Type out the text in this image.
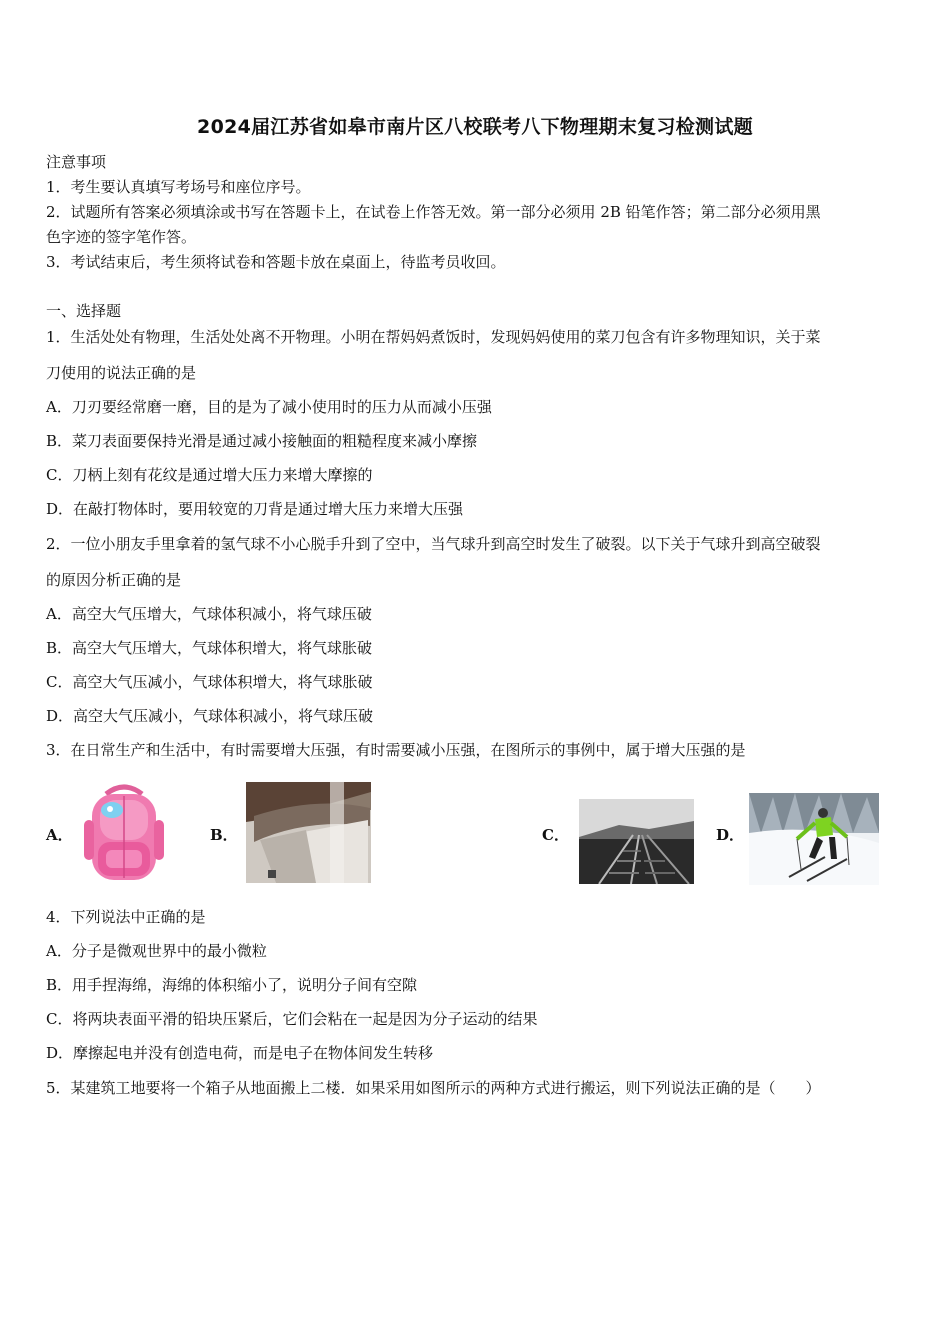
2024届江苏省如皋市南片区八校联考八下物理期末复习检测试题
注意事项
1．考生要认真填写考场号和座位序号。
2．试题所有答案必须填涂或书写在答题卡上，在试卷上作答无效。第一部分必须用 2B 铅笔作答；第二部分必须用黑
色字迹的签字笔作答。
3．考试结束后，考生须将试卷和答题卡放在桌面上，待监考员收回。
一、选择题
1．生活处处有物理，生活处处离不开物理。小明在帮妈妈煮饭时，发现妈妈使用的菜刀包含有许多物理知识，关于菜
刀使用的说法正确的是
A．刀刃要经常磨一磨，目的是为了减小使用时的压力从而减小压强
B．菜刀表面要保持光滑是通过减小接触面的粗糙程度来减小摩擦
C．刀柄上刻有花纹是通过增大压力来增大摩擦的
D．在敲打物体时，要用较宽的刀背是通过增大压力来增大压强
2．一位小朋友手里拿着的氢气球不小心脱手升到了空中，当气球升到高空时发生了破裂。以下关于气球升到高空破裂
的原因分析正确的是
A．高空大气压增大，气球体积减小，将气球压破
B．高空大气压增大，气球体积增大，将气球胀破
C．高空大气压减小，气球体积增大，将气球胀破
D．高空大气压减小，气球体积减小，将气球压破
3．在日常生产和生活中，有时需要增大压强，有时需要减小压强，在图所示的事例中，属于增大压强的是
A．	B．	C．	D．
4．下列说法中正确的是
A．分子是微观世界中的最小微粒
B．用手捏海绵，海绵的体积缩小了，说明分子间有空隙
C．将两块表面平滑的铅块压紧后，它们会粘在一起是因为分子运动的结果
D．摩擦起电并没有创造电荷，而是电子在物体间发生转移
5．某建筑工地要将一个箱子从地面搬上二楼．如果采用如图所示的两种方式进行搬运，则下列说法正确的是（　　）
